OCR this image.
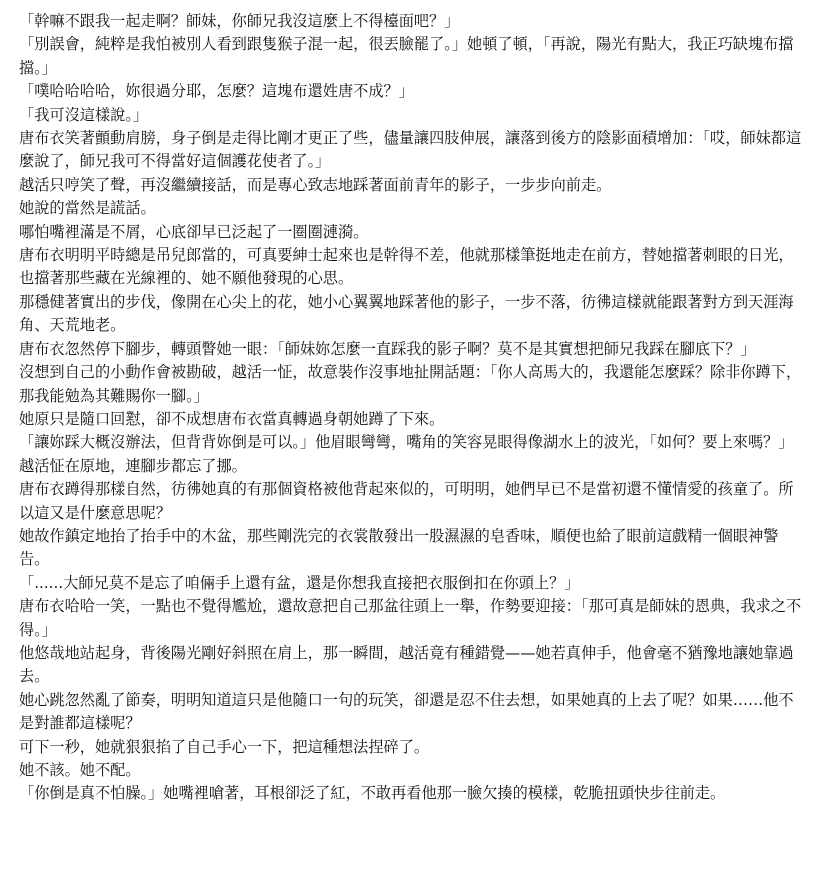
「幹嘛不跟我一起走啊？師妹，你師兄我沒這麼上不得檯面吧？」

「別誤會，純粹是我怕被別人看到跟隻猴子混一起，很丟臉罷了。」她頓了頓，「再說，陽光有點大，我正巧缺塊布擋擋。」

「噗哈哈哈哈，妳很過分耶，怎麼？這塊布還姓唐不成？」

「我可沒這樣說。」

唐布衣笑著顫動肩膀，身子倒是走得比剛才更正了些，儘量讓四肢伸展，讓落到後方的陰影面積增加：「哎，師妹都這麼說了，師兄我可不得當好這個護花使者了。」

越活只哼笑了聲，再沒繼續接話，而是專心致志地踩著面前青年的影子，一步步向前走。

她說的當然是謊話。

哪怕嘴裡滿是不屑，心底卻早已泛起了一圈圈漣漪。

唐布衣明明平時總是吊兒郎當的，可真要紳士起來也是幹得不差，他就那樣筆挺地走在前方，替她擋著刺眼的日光，也擋著那些藏在光線裡的、她不願他發現的心思。

那穩健著實出的步伐，像開在心尖上的花，她小心翼翼地踩著他的影子，一步不落，彷彿這樣就能跟著對方到天涯海角、天荒地老。

唐布衣忽然停下腳步，轉頭瞥她一眼：「師妹妳怎麼一直踩我的影子啊？莫不是其實想把師兄我踩在腳底下？」

沒想到自己的小動作會被勘破，越活一怔，故意裝作沒事地扯開話題：「你人高馬大的，我還能怎麼踩？除非你蹲下，那我能勉為其難賜你一腳。」

她原只是隨口回懟，卻不成想唐布衣當真轉過身朝她蹲了下來。

「讓妳踩大概沒辦法，但背背妳倒是可以。」他眉眼彎彎，嘴角的笑容晃眼得像湖水上的波光，「如何？要上來嗎？」

越活怔在原地，連腳步都忘了挪。

唐布衣蹲得那樣自然，彷彿她真的有那個資格被他背起來似的，可明明，她們早已不是當初還不懂情愛的孩童了。所以這又是什麼意思呢？

她故作鎮定地抬了抬手中的木盆，那些剛洗完的衣裳散發出一股濕濕的皂香味，順便也給了眼前這戲精一個眼神警告。

「......大師兄莫不是忘了咱倆手上還有盆，還是你想我直接把衣服倒扣在你頭上？」

唐布衣哈哈一笑，一點也不覺得尷尬，還故意把自己那盆往頭上一舉，作勢要迎接：「那可真是師妹的恩典，我求之不得。」

他悠哉地站起身，背後陽光剛好斜照在肩上，那一瞬間，越活竟有種錯覺——她若真伸手，他會毫不猶豫地讓她靠過去。

她心跳忽然亂了節奏，明明知道這只是他隨口一句的玩笑，卻還是忍不住去想，如果她真的上去了呢？如果……他不是對誰都這樣呢？

可下一秒，她就狠狠掐了自己手心一下，把這種想法捏碎了。

她不該。她不配。

「你倒是真不怕臊。」她嘴裡嗆著，耳根卻泛了紅，不敢再看他那一臉欠揍的模樣，乾脆扭頭快步往前走。
